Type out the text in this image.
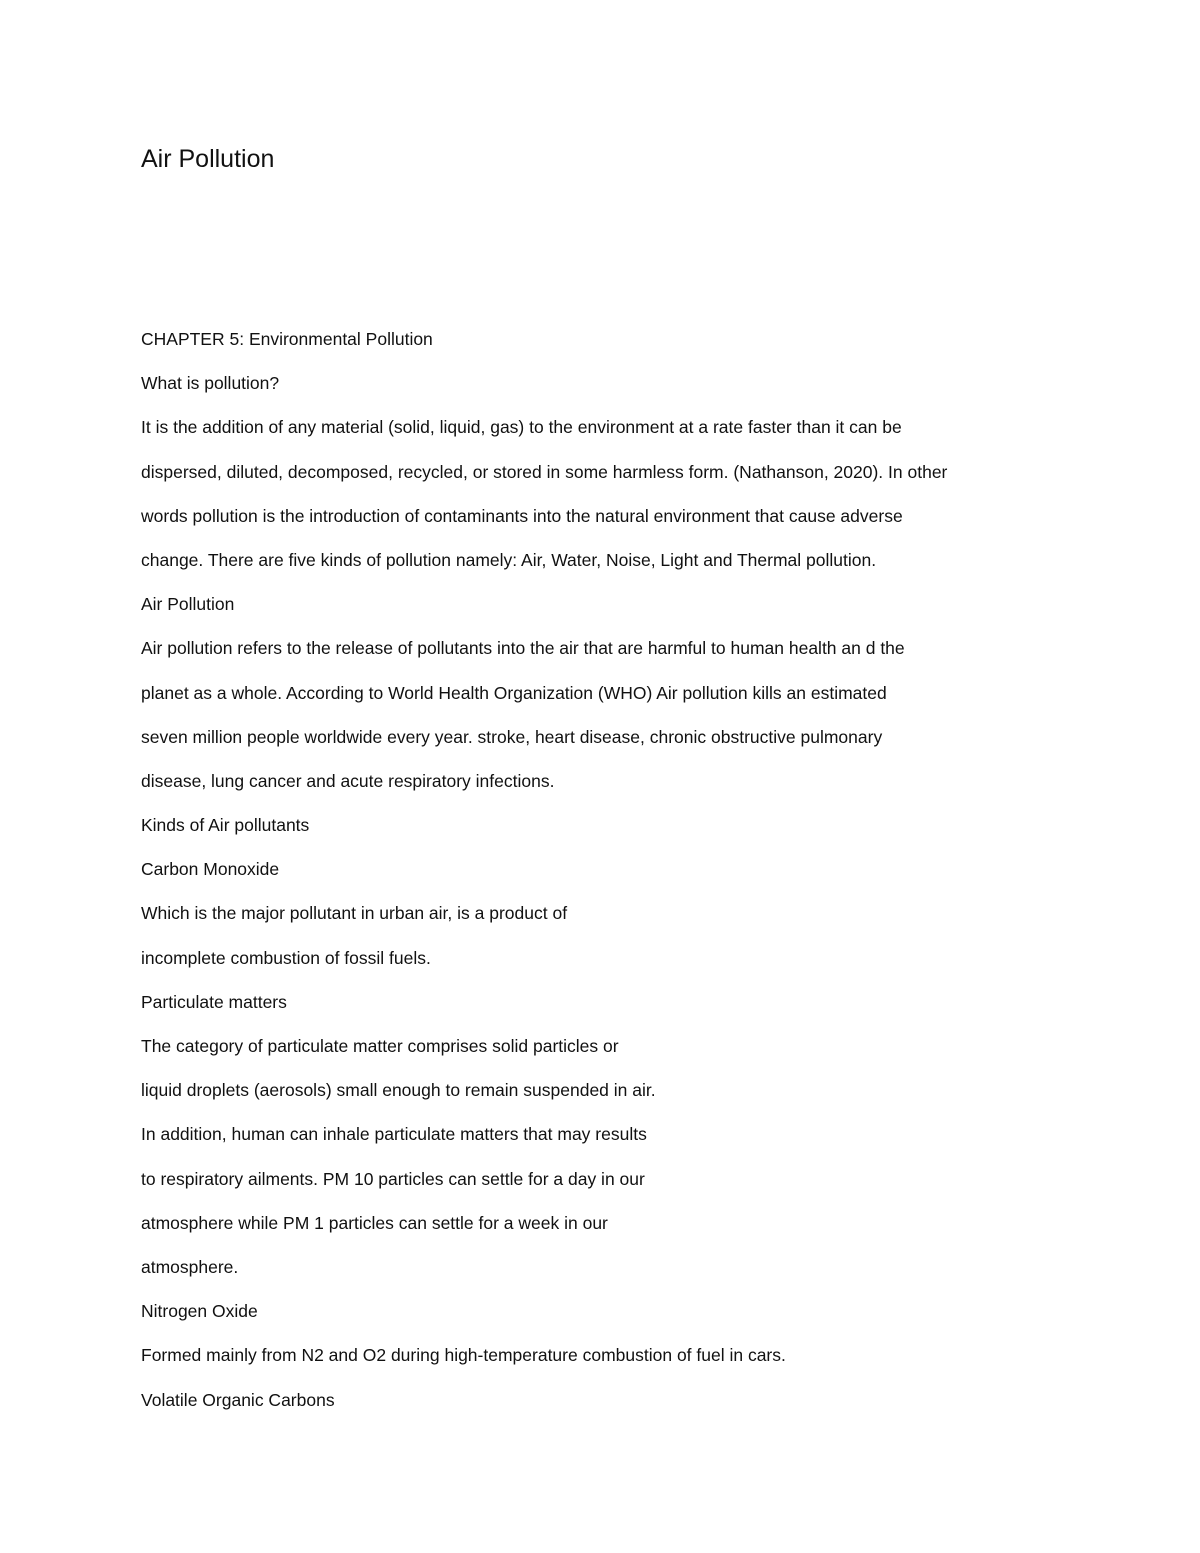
Air Pollution
CHAPTER 5: Environmental Pollution
What is pollution?
It is the addition of any material (solid, liquid, gas) to the environment at a rate faster than it can be
dispersed, diluted, decomposed, recycled, or stored in some harmless form. (Nathanson, 2020). In other
words pollution is the introduction of contaminants into the natural environment that cause adverse
change. There are five kinds of pollution namely: Air, Water, Noise, Light and Thermal pollution.
Air Pollution
Air pollution refers to the release of pollutants into the air that are harmful to human health an d the
planet as a whole. According to World Health Organization (WHO) Air pollution kills an estimated
seven million people worldwide every year. stroke, heart disease, chronic obstructive pulmonary
disease, lung cancer and acute respiratory infections.
Kinds of Air pollutants
Carbon Monoxide
Which is the major pollutant in urban air, is a product of
incomplete combustion of fossil fuels.
Particulate matters
The category of particulate matter comprises solid particles or
liquid droplets (aerosols) small enough to remain suspended in air.
In addition, human can inhale particulate matters that may results
to respiratory ailments. PM 10 particles can settle for a day in our
atmosphere while PM 1 particles can settle for a week in our
atmosphere.
Nitrogen Oxide
Formed mainly from N2 and O2 during high-temperature combustion of fuel in cars.
Volatile Organic Carbons
